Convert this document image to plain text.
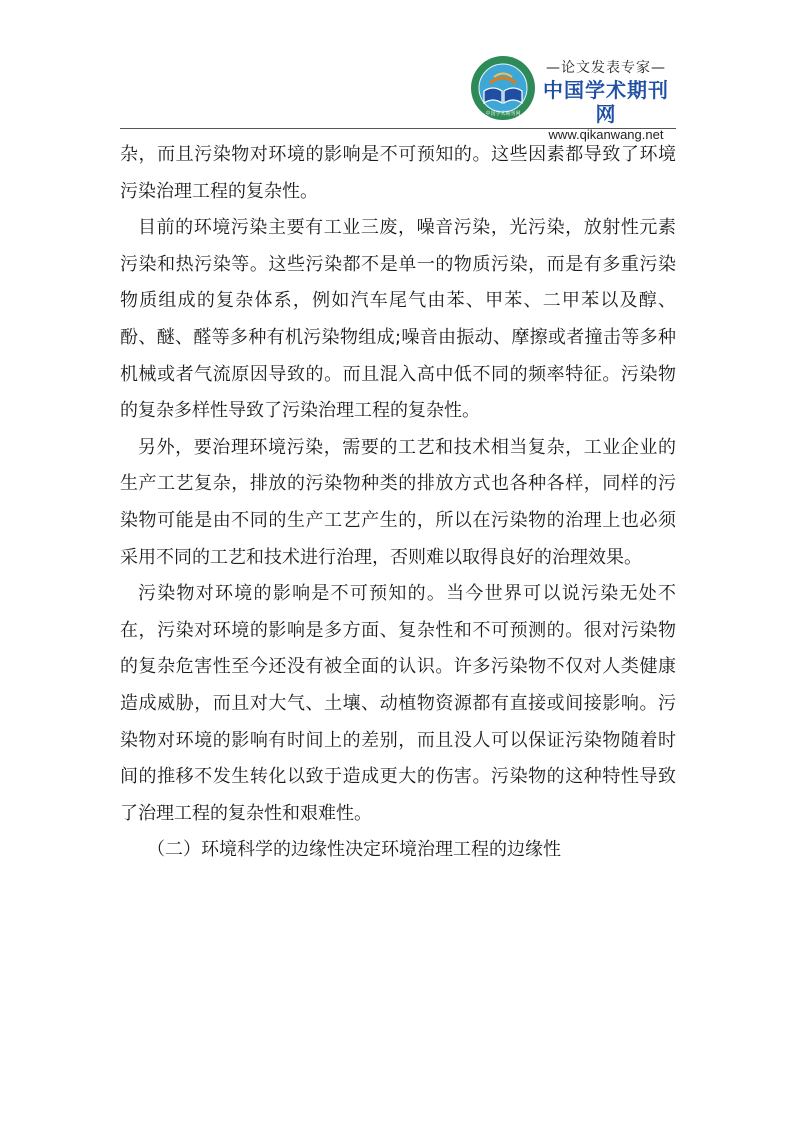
中国学术期刊网
—论文发表专家—
中国学术期刊网
www.qikanwang.net

杂，而且污染物对环境的影响是不可预知的。这些因素都导致了环境污染治理工程的复杂性。

目前的环境污染主要有工业三废，噪音污染，光污染，放射性元素污染和热污染等。这些污染都不是单一的物质污染，而是有多重污染物质组成的复杂体系，例如汽车尾气由苯、甲苯、二甲苯以及醇、酚、醚、醛等多种有机污染物组成;噪音由振动、摩擦或者撞击等多种机械或者气流原因导致的。而且混入高中低不同的频率特征。污染物的复杂多样性导致了污染治理工程的复杂性。

另外，要治理环境污染，需要的工艺和技术相当复杂，工业企业的生产工艺复杂，排放的污染物种类的排放方式也各种各样，同样的污染物可能是由不同的生产工艺产生的，所以在污染物的治理上也必须采用不同的工艺和技术进行治理，否则难以取得良好的治理效果。

污染物对环境的影响是不可预知的。当今世界可以说污染无处不在，污染对环境的影响是多方面、复杂性和不可预测的。很对污染物的复杂危害性至今还没有被全面的认识。许多污染物不仅对人类健康造成威胁，而且对大气、土壤、动植物资源都有直接或间接影响。污染物对环境的影响有时间上的差别，而且没人可以保证污染物随着时间的推移不发生转化以致于造成更大的伤害。污染物的这种特性导致了治理工程的复杂性和艰难性。

（二）环境科学的边缘性决定环境治理工程的边缘性
